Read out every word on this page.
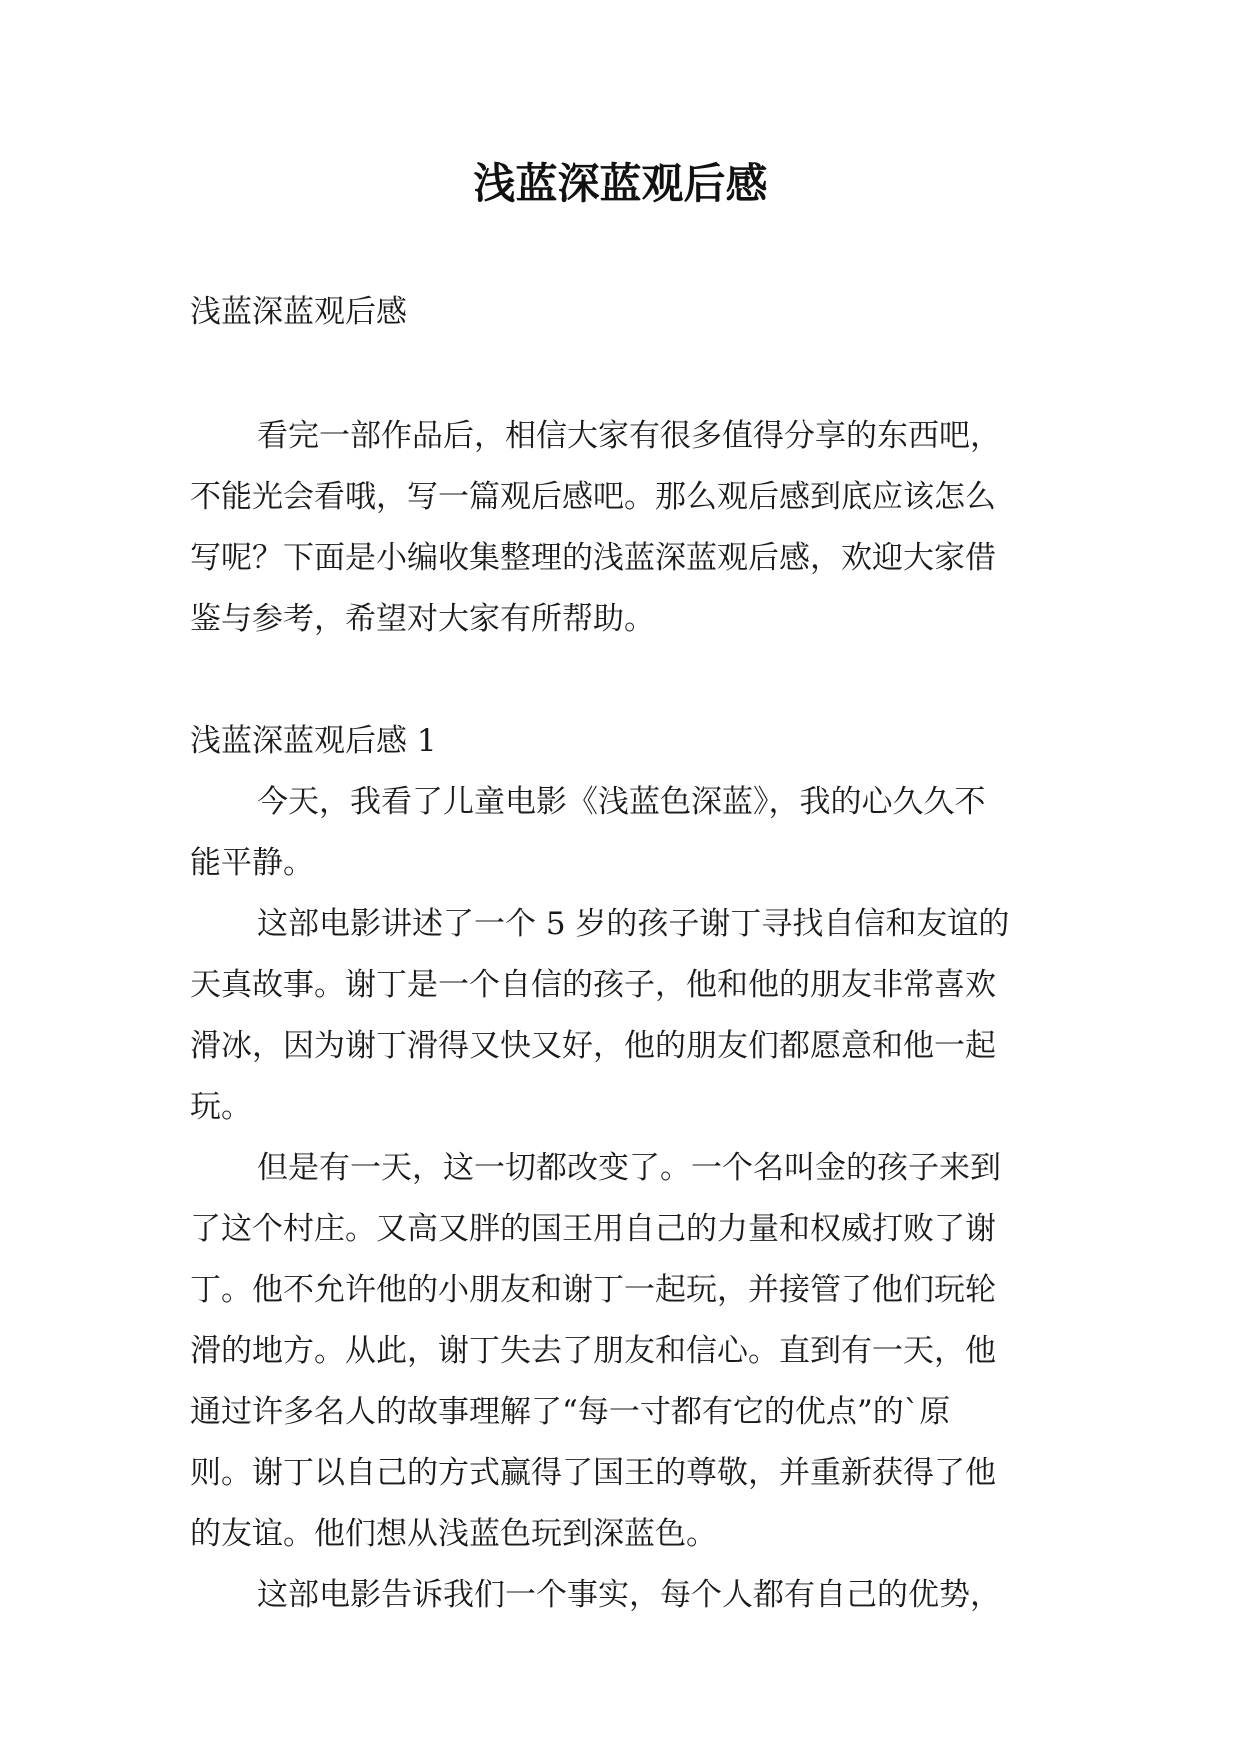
浅蓝深蓝观后感

浅蓝深蓝观后感

看完一部作品后，相信大家有很多值得分享的东西吧，

不能光会看哦，写一篇观后感吧。那么观后感到底应该怎么

写呢？下面是小编收集整理的浅蓝深蓝观后感，欢迎大家借

鉴与参考，希望对大家有所帮助。

浅蓝深蓝观后感 1

今天，我看了儿童电影《浅蓝色深蓝》，我的心久久不

能平静。

这部电影讲述了一个 5 岁的孩子谢丁寻找自信和友谊的

天真故事。谢丁是一个自信的孩子，他和他的朋友非常喜欢

滑冰，因为谢丁滑得又快又好，他的朋友们都愿意和他一起

玩。

但是有一天，这一切都改变了。一个名叫金的孩子来到

了这个村庄。又高又胖的国王用自己的力量和权威打败了谢

丁。他不允许他的小朋友和谢丁一起玩，并接管了他们玩轮

滑的地方。从此，谢丁失去了朋友和信心。直到有一天，他

通过许多名人的故事理解了“每一寸都有它的优点”的`原

则。谢丁以自己的方式赢得了国王的尊敬，并重新获得了他

的友谊。他们想从浅蓝色玩到深蓝色。

这部电影告诉我们一个事实，每个人都有自己的优势，
